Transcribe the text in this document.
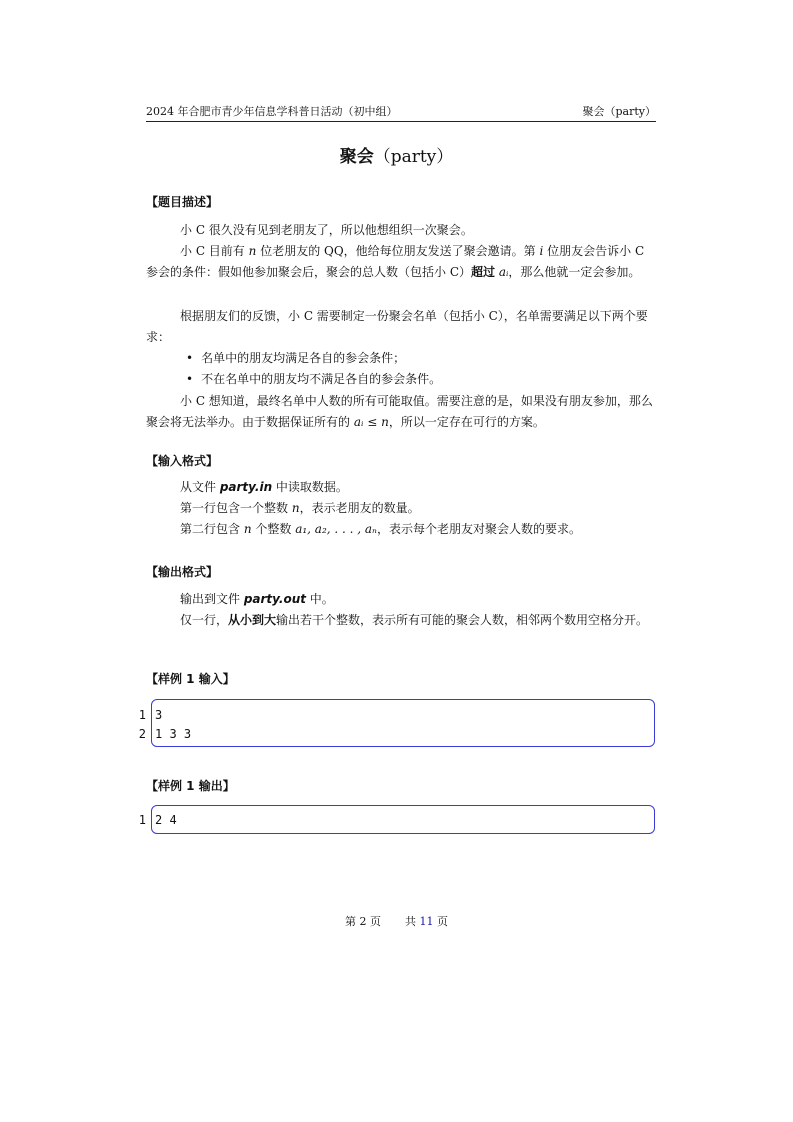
2024 年合肥市青少年信息学科普日活动（初中组）	聚会（party）
聚会（party）
【题目描述】
小 C 很久没有见到老朋友了，所以他想组织一次聚会。
小 C 目前有 n 位老朋友的 QQ，他给每位朋友发送了聚会邀请。第 i 位朋友会告诉小 C 参会的条件：假如他参加聚会后，聚会的总人数（包括小 C）超过 aᵢ，那么他就一定会参加。
根据朋友们的反馈，小 C 需要制定一份聚会名单（包括小 C），名单需要满足以下两个要求：
• 名单中的朋友均满足各自的参会条件；
• 不在名单中的朋友均不满足各自的参会条件。
小 C 想知道，最终名单中人数的所有可能取值。需要注意的是，如果没有朋友参加，那么聚会将无法举办。由于数据保证所有的 aᵢ ≤ n，所以一定存在可行的方案。
【输入格式】
从文件 party.in 中读取数据。
第一行包含一个整数 n，表示老朋友的数量。
第二行包含 n 个整数 a₁, a₂, . . . , aₙ，表示每个老朋友对聚会人数的要求。
【输出格式】
输出到文件 party.out 中。
仅一行，从小到大输出若干个整数，表示所有可能的聚会人数，相邻两个数用空格分开。
【样例 1 输入】
1
2
3
1 3 3
【样例 1 输出】
1 2 4
第 2 页 共 11 页
